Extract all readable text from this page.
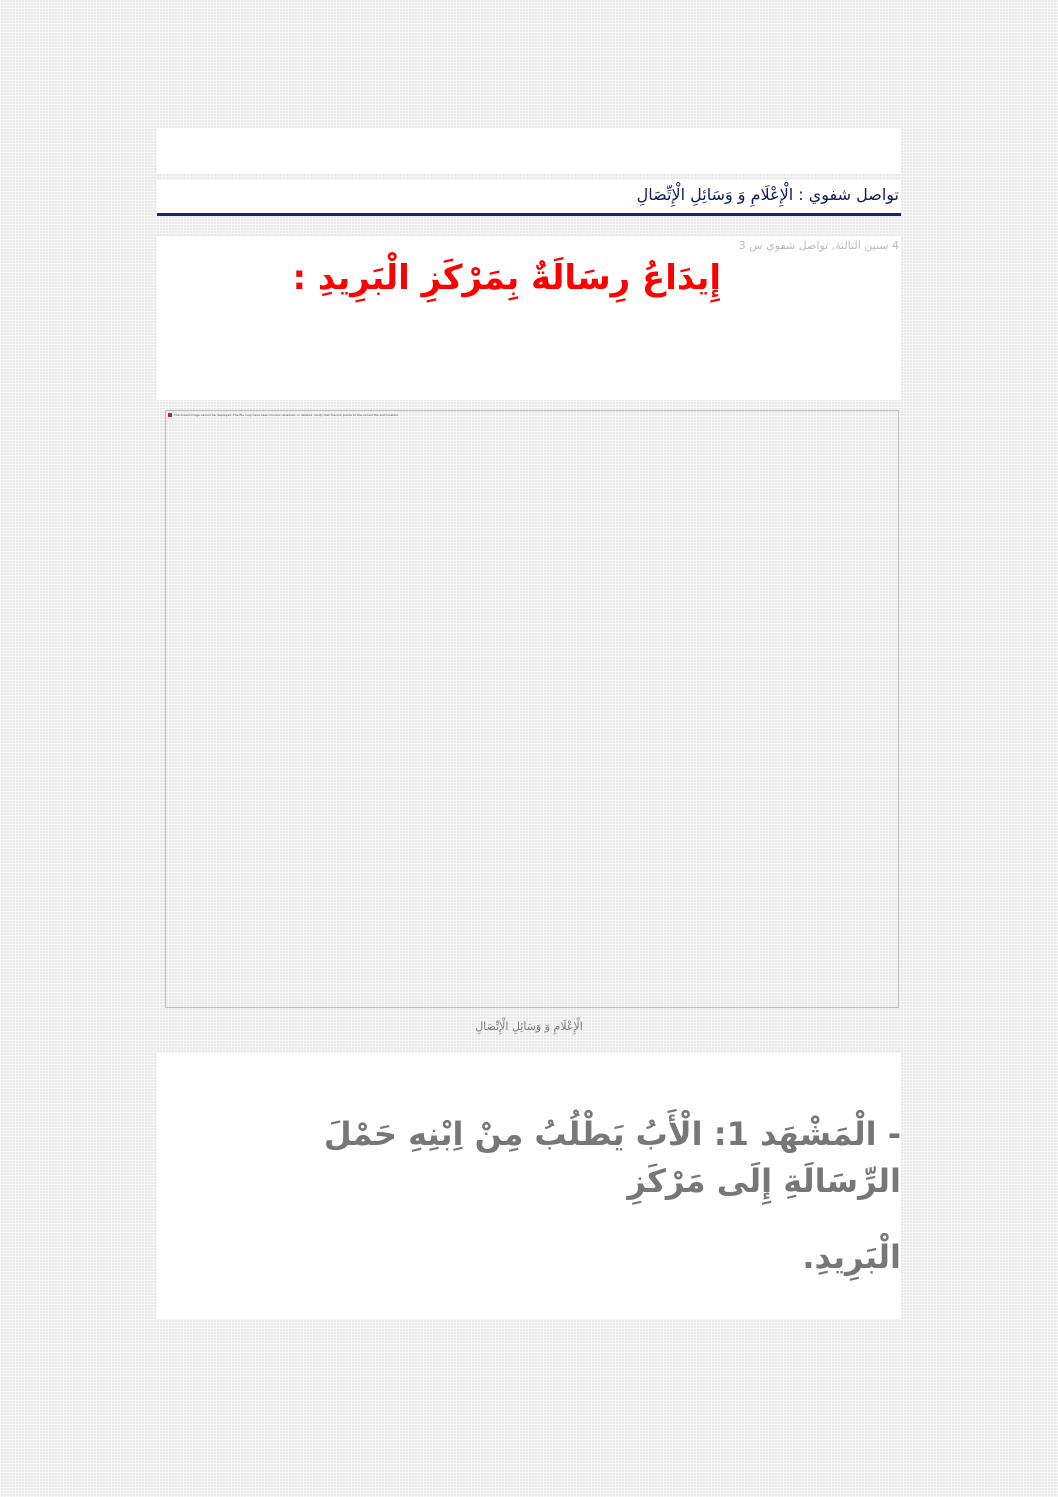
تواصل شفوي : الْإِعْلَامِ وَ وَسَائِلِ الْإِتِّصَالِ
4 سنين الثالثة, تواصل شفوي س 3
إِيدَاعُ رِسَالَةٌ بِمَرْكَزِ الْبَرِيدِ :
The linked image cannot be displayed. The file may have been moved, renamed, or deleted. Verify that the link points to the correct file and location.
الْإِعْلَامِ وَ وَسَائِلِ الْإِتِّصَالِ
- الْمَشْهَد 1: الْأَبُ يَطْلُبُ مِنْ اِبْنِهِ حَمْلَ الرِّسَالَةِ إِلَى مَرْكَزِ
الْبَرِيدِ.
